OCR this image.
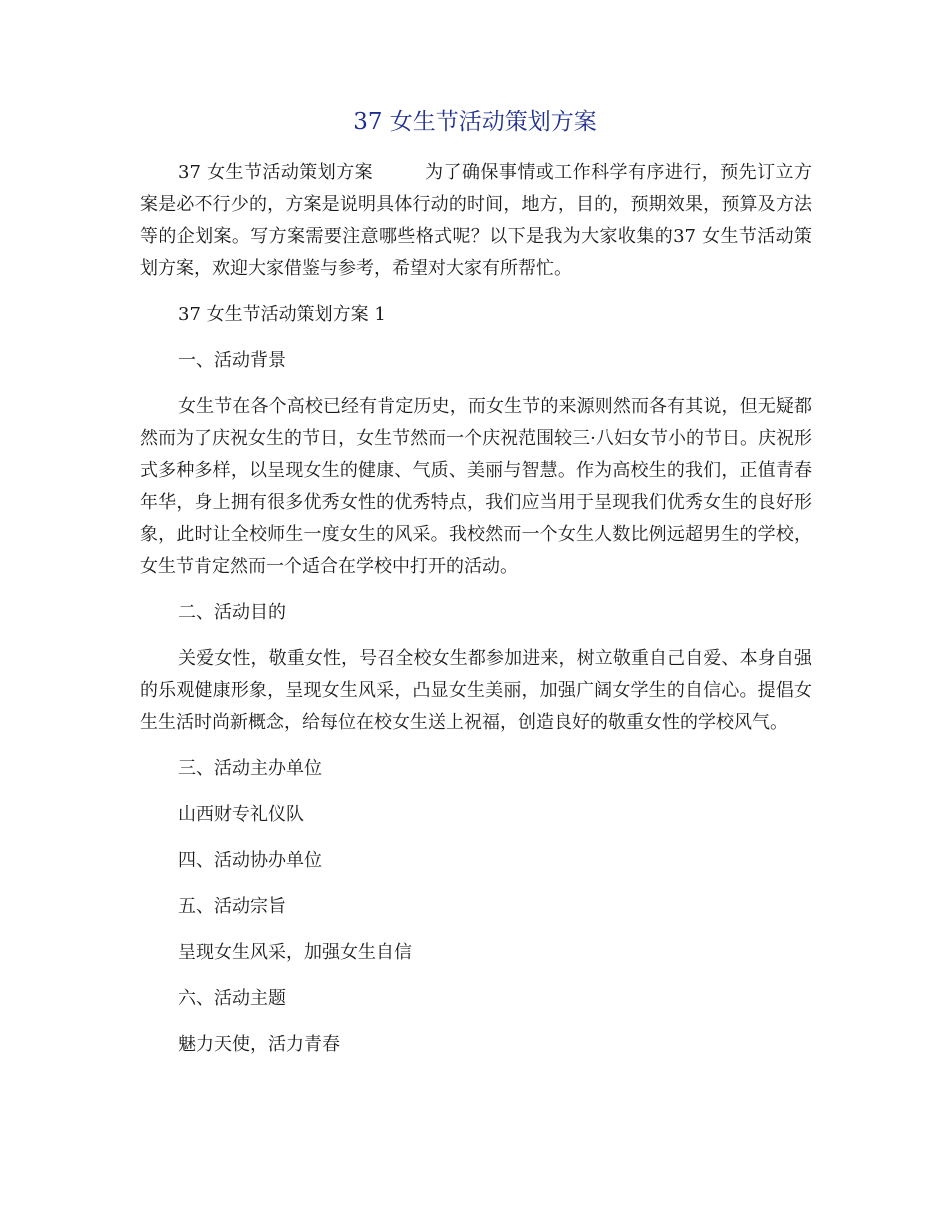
37 女生节活动策划方案

37 女生节活动策划方案	为了确保事情或工作科学有序进行，预先订立方案是必不行少的，方案是说明具体行动的时间，地方，目的，预期效果，预算及方法等的企划案。写方案需要注意哪些格式呢？以下是我为大家收集的37 女生节活动策划方案，欢迎大家借鉴与参考，希望对大家有所帮忙。

37 女生节活动策划方案 1

一、活动背景

女生节在各个高校已经有肯定历史，而女生节的来源则然而各有其说，但无疑都然而为了庆祝女生的节日，女生节然而一个庆祝范围较三·八妇女节小的节日。庆祝形式多种多样，以呈现女生的健康、气质、美丽与智慧。作为高校生的我们，正值青春年华，身上拥有很多优秀女性的优秀特点，我们应当用于呈现我们优秀女生的良好形象，此时让全校师生一度女生的风采。我校然而一个女生人数比例远超男生的学校，女生节肯定然而一个适合在学校中打开的活动。

二、活动目的

关爱女性，敬重女性，号召全校女生都参加进来，树立敬重自己自爱、本身自强的乐观健康形象，呈现女生风采，凸显女生美丽，加强广阔女学生的自信心。提倡女生生活时尚新概念，给每位在校女生送上祝福，创造良好的敬重女性的学校风气。

三、活动主办单位

山西财专礼仪队

四、活动协办单位

五、活动宗旨

呈现女生风采，加强女生自信

六、活动主题

魅力天使，活力青春
